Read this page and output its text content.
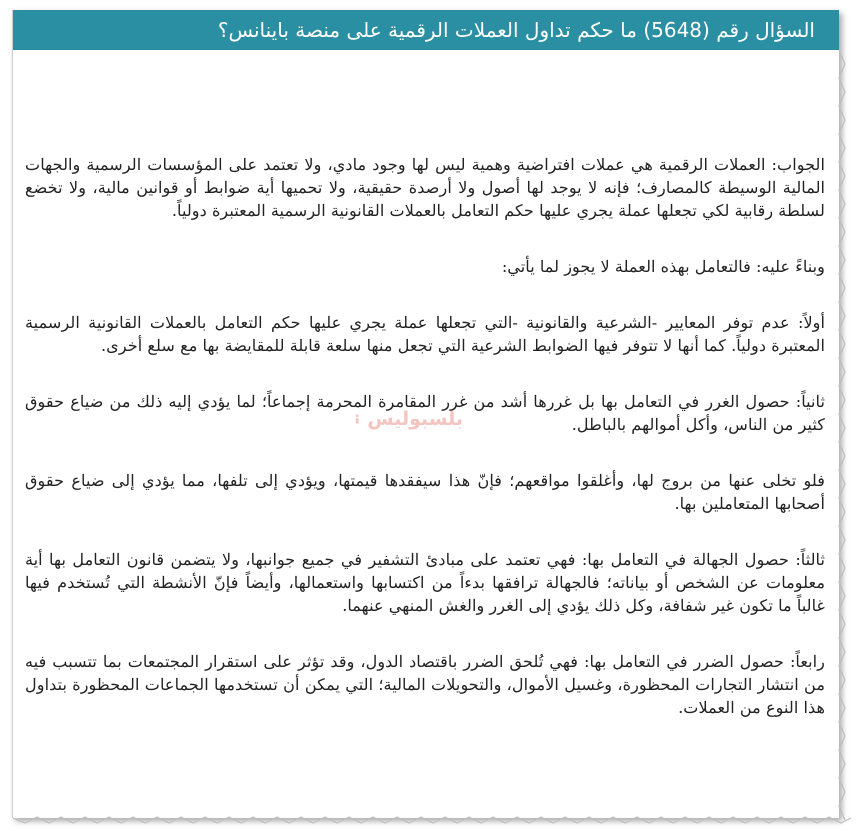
السؤال رقم (5648) ما حكم تداول العملات الرقمية على منصة باينانس؟

الجواب: العملات الرقمية هي عملات افتراضية وهمية ليس لها وجود مادي، ولا تعتمد على المؤسسات الرسمية والجهات المالية الوسيطة كالمصارف؛ فإنه لا يوجد لها أصول ولا أرصدة حقيقية، ولا تحميها أية ضوابط أو قوانين مالية، ولا تخضع لسلطة رقابية لكي تجعلها عملة يجري عليها حكم التعامل بالعملات القانونية الرسمية المعتبرة دولياً.

وبناءً عليه: فالتعامل بهذه العملة لا يجوز لما يأتي:

أولاً: عدم توفر المعايير -الشرعية والقانونية -التي تجعلها عملة يجري عليها حكم التعامل بالعملات القانونية الرسمية المعتبرة دولياً. كما أنها لا تتوفر فيها الضوابط الشرعية التي تجعل منها سلعة قابلة للمقايضة بها مع سلع أخرى.

ثانياً: حصول الغرر في التعامل بها بل غررها أشد من غرر المقامرة المحرمة إجماعاً؛ لما يؤدي إليه ذلك من ضياع حقوق كثير من الناس، وأكل أموالهم بالباطل.

فلو تخلى عنها من بروج لها، وأغلقوا مواقعهم؛ فإنّ هذا سيفقدها قيمتها، ويؤدي إلى تلفها، مما يؤدي إلى ضياع حقوق أصحابها المتعاملين بها.

ثالثاً: حصول الجهالة في التعامل بها: فهي تعتمد على مبادئ التشفير في جميع جوانبها، ولا يتضمن قانون التعامل بها أية معلومات عن الشخص أو بياناته؛ فالجهالة ترافقها بدءاً من اكتسابها واستعمالها، وأيضاً فإنّ الأنشطة التي تُستخدم فيها غالباً ما تكون غير شفافة، وكل ذلك يؤدي إلى الغرر والغش المنهي عنهما.

رابعاً: حصول الضرر في التعامل بها: فهي تُلحق الضرر باقتصاد الدول، وقد تؤثر على استقرار المجتمعات بما تتسبب فيه من انتشار التجارات المحظورة، وغسيل الأموال، والتحويلات المالية؛ التي يمكن أن تستخدمها الجماعات المحظورة بتداول هذا النوع من العملات.

بلسبوليس
